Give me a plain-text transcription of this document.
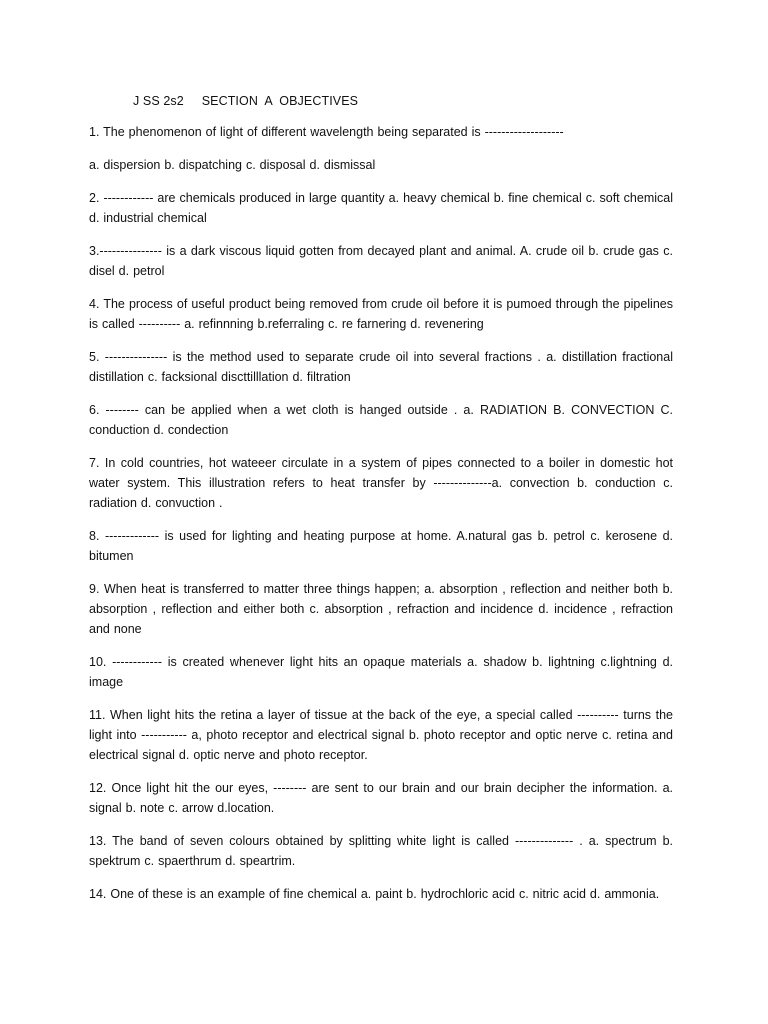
J SS 2s2     SECTION  A  OBJECTIVES

1. The phenomenon of light of different wavelength being separated is -------------------

a. dispersion b. dispatching c. disposal d. dismissal

2. ------------ are chemicals produced in large quantity a. heavy chemical b. fine chemical c. soft chemical d. industrial chemical

3.--------------- is a dark viscous liquid gotten from decayed plant and animal. A. crude oil b. crude gas c. disel d. petrol

4. The process of useful product being removed from crude oil before it is pumoed through the pipelines is called ---------- a. refinnning b.referraling c. re farnering d. revenering

5. --------------- is the method used to separate crude oil into several fractions . a. distillation fractional distillation c. facksional discttilllation d. filtration

6. -------- can be applied when a wet cloth is hanged outside . a. RADIATION B. CONVECTION C. conduction d. condection

7. In cold countries, hot wateeer circulate in a system of pipes connected to a boiler in domestic hot water system. This illustration refers to heat transfer by --------------a. convection b. conduction c. radiation d. convuction .

8. ------------- is used for lighting and heating purpose at home. A.natural gas b. petrol c. kerosene d. bitumen

9. When heat is transferred to matter three things happen; a. absorption , reflection and neither both b. absorption , reflection and either both c. absorption , refraction and incidence d. incidence , refraction and none

10. ------------ is created whenever light hits an opaque materials a. shadow b. lightning c.lightning d. image

11. When light hits the retina a layer of tissue at the back of the eye, a special called ---------- turns the light into ----------- a, photo receptor and electrical signal b. photo receptor and optic nerve c. retina and electrical signal d. optic nerve and photo receptor.

12. Once light hit the our eyes, -------- are sent to our brain and our brain decipher the information. a. signal b. note c. arrow d.location.

13. The band of seven colours obtained by splitting white light is called -------------- . a. spectrum b. spektrum c. spaerthrum d. speartrim.

14. One of these is an example of fine chemical a. paint b. hydrochloric acid c. nitric acid d. ammonia.
